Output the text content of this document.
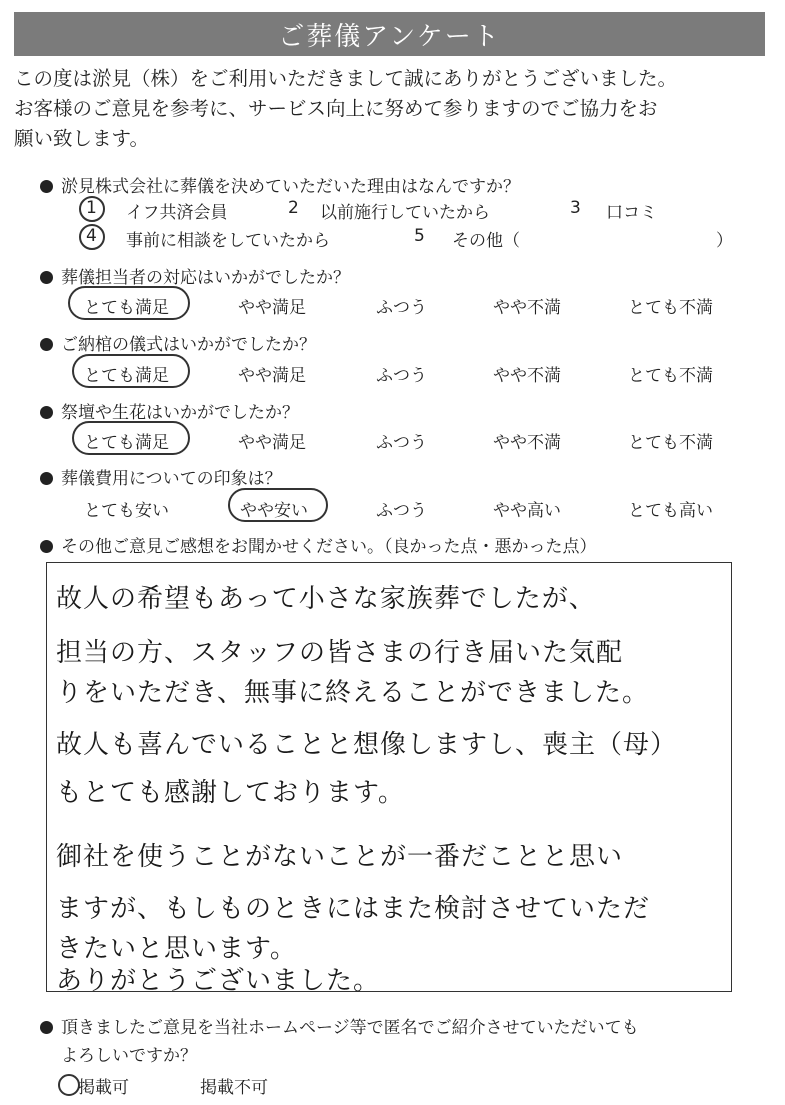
ご葬儀アンケート
この度は淤見（株）をご利用いただきまして誠にありがとうございました。
お客様のご意見を参考に、サービス向上に努めて参りますのでご協力をお
願い致します。
淤見株式会社に葬儀を決めていただいた理由はなんですか？
1 イフ共済会員	2 以前施行していたから	3 口コミ
4 事前に相談をしていたから	5 その他（	）
葬儀担当者の対応はいかがでしたか？
とても満足	やや満足	ふつう	やや不満	とても不満
ご納棺の儀式はいかがでしたか？
とても満足	やや満足	ふつう	やや不満	とても不満
祭壇や生花はいかがでしたか？
とても満足	やや満足	ふつう	やや不満	とても不満
葬儀費用についての印象は？
とても安い	やや安い	ふつう	やや高い	とても高い
その他ご意見ご感想をお聞かせください。（良かった点・悪かった点）
故人の希望もあって小さな家族葬でしたが、
担当の方、スタッフの皆さまの行き届いた気配
りをいただき、無事に終えることができました。
故人も喜んでいることと想像しますし、喪主（母）
もとても感謝しております。
御社を使うことがないことが一番だことと思い
ますが、もしものときにはまた検討させていただ
きたいと思います。
ありがとうございました。
頂きましたご意見を当社ホームページ等で匿名でご紹介させていただいても
よろしいですか？
掲載可	掲載不可
